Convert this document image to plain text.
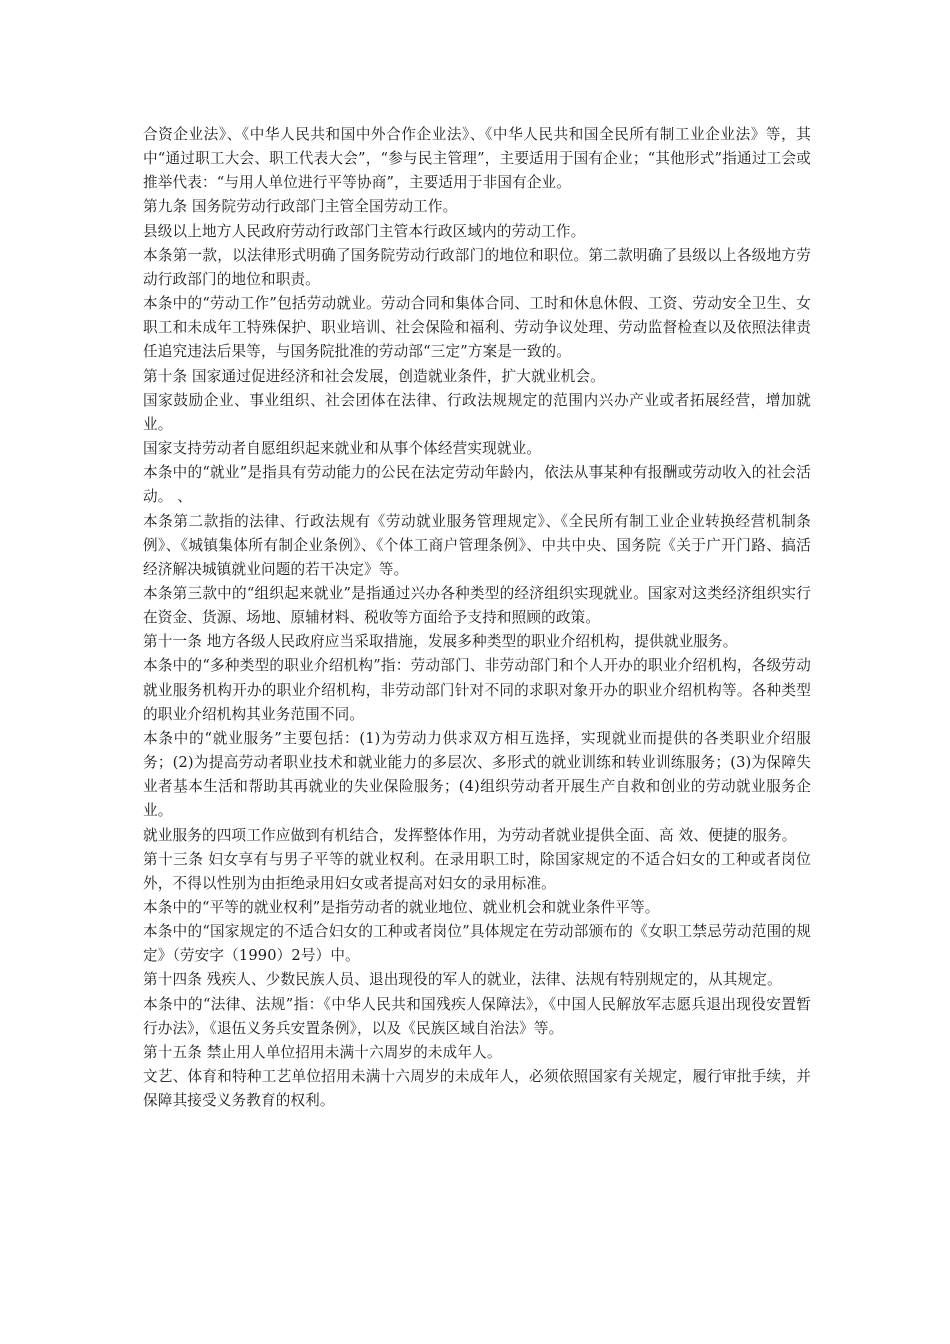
合资企业法》、《中华人民共和国中外合作企业法》、《中华人民共和国全民所有制工业企业法》等，其中“通过职工大会、职工代表大会”，“参与民主管理”，主要适用于国有企业；“其他形式”指通过工会或推举代表：“与用人单位进行平等协商”，主要适用于非国有企业。

第九条 国务院劳动行政部门主管全国劳动工作。

县级以上地方人民政府劳动行政部门主管本行政区域内的劳动工作。

本条第一款，以法律形式明确了国务院劳动行政部门的地位和职位。第二款明确了县级以上各级地方劳动行政部门的地位和职责。

本条中的“劳动工作”包括劳动就业。劳动合同和集体合同、工时和休息休假、工资、劳动安全卫生、女职工和未成年工特殊保护、职业培训、社会保险和福利、劳动争议处理、劳动监督检查以及依照法律责任追究违法后果等，与国务院批准的劳动部“三定”方案是一致的。

第十条 国家通过促进经济和社会发展，创造就业条件，扩大就业机会。

国家鼓励企业、事业组织、社会团体在法律、行政法规规定的范围内兴办产业或者拓展经营，增加就业。

国家支持劳动者自愿组织起来就业和从事个体经营实现就业。

本条中的“就业”是指具有劳动能力的公民在法定劳动年龄内，依法从事某种有报酬或劳动收入的社会活动。 、

本条第二款指的法律、行政法规有《劳动就业服务管理规定》、《全民所有制工业企业转换经营机制条例》、《城镇集体所有制企业条例》、《个体工商户管理条例》、中共中央、国务院《关于广开门路、搞活经济解决城镇就业问题的若干决定》等。

本条第三款中的“组织起来就业”是指通过兴办各种类型的经济组织实现就业。国家对这类经济组织实行在资金、货源、场地、原辅材料、税收等方面给予支持和照顾的政策。

第十一条 地方各级人民政府应当采取措施，发展多种类型的职业介绍机构，提供就业服务。

本条中的“多种类型的职业介绍机构”指：劳动部门、非劳动部门和个人开办的职业介绍机构，各级劳动就业服务机构开办的职业介绍机构，非劳动部门针对不同的求职对象开办的职业介绍机构等。各种类型的职业介绍机构其业务范围不同。

本条中的“就业服务”主要包括：(1)为劳动力供求双方相互选择，实现就业而提供的各类职业介绍服务；(2)为提高劳动者职业技术和就业能力的多层次、多形式的就业训练和转业训练服务；(3)为保障失业者基本生活和帮助其再就业的失业保险服务；(4)组织劳动者开展生产自救和创业的劳动就业服务企业。

就业服务的四项工作应做到有机结合，发挥整体作用，为劳动者就业提供全面、高 效、便捷的服务。

第十三条 妇女享有与男子平等的就业权利。在录用职工时，除国家规定的不适合妇女的工种或者岗位外，不得以性别为由拒绝录用妇女或者提高对妇女的录用标准。

本条中的“平等的就业权利”是指劳动者的就业地位、就业机会和就业条件平等。

本条中的“国家规定的不适合妇女的工种或者岗位”具体规定在劳动部颁布的《女职工禁忌劳动范围的规定》（劳安字（1990）2号）中。

第十四条 残疾人、少数民族人员、退出现役的军人的就业，法律、法规有特别规定的，从其规定。

本条中的“法律、法规”指：《中华人民共和国残疾人保障法》，《中国人民解放军志愿兵退出现役安置暂行办法》，《退伍义务兵安置条例》，以及《民族区域自治法》等。

第十五条 禁止用人单位招用未满十六周岁的未成年人。

文艺、体育和特种工艺单位招用未满十六周岁的未成年人，必须依照国家有关规定，履行审批手续，并保障其接受义务教育的权利。
